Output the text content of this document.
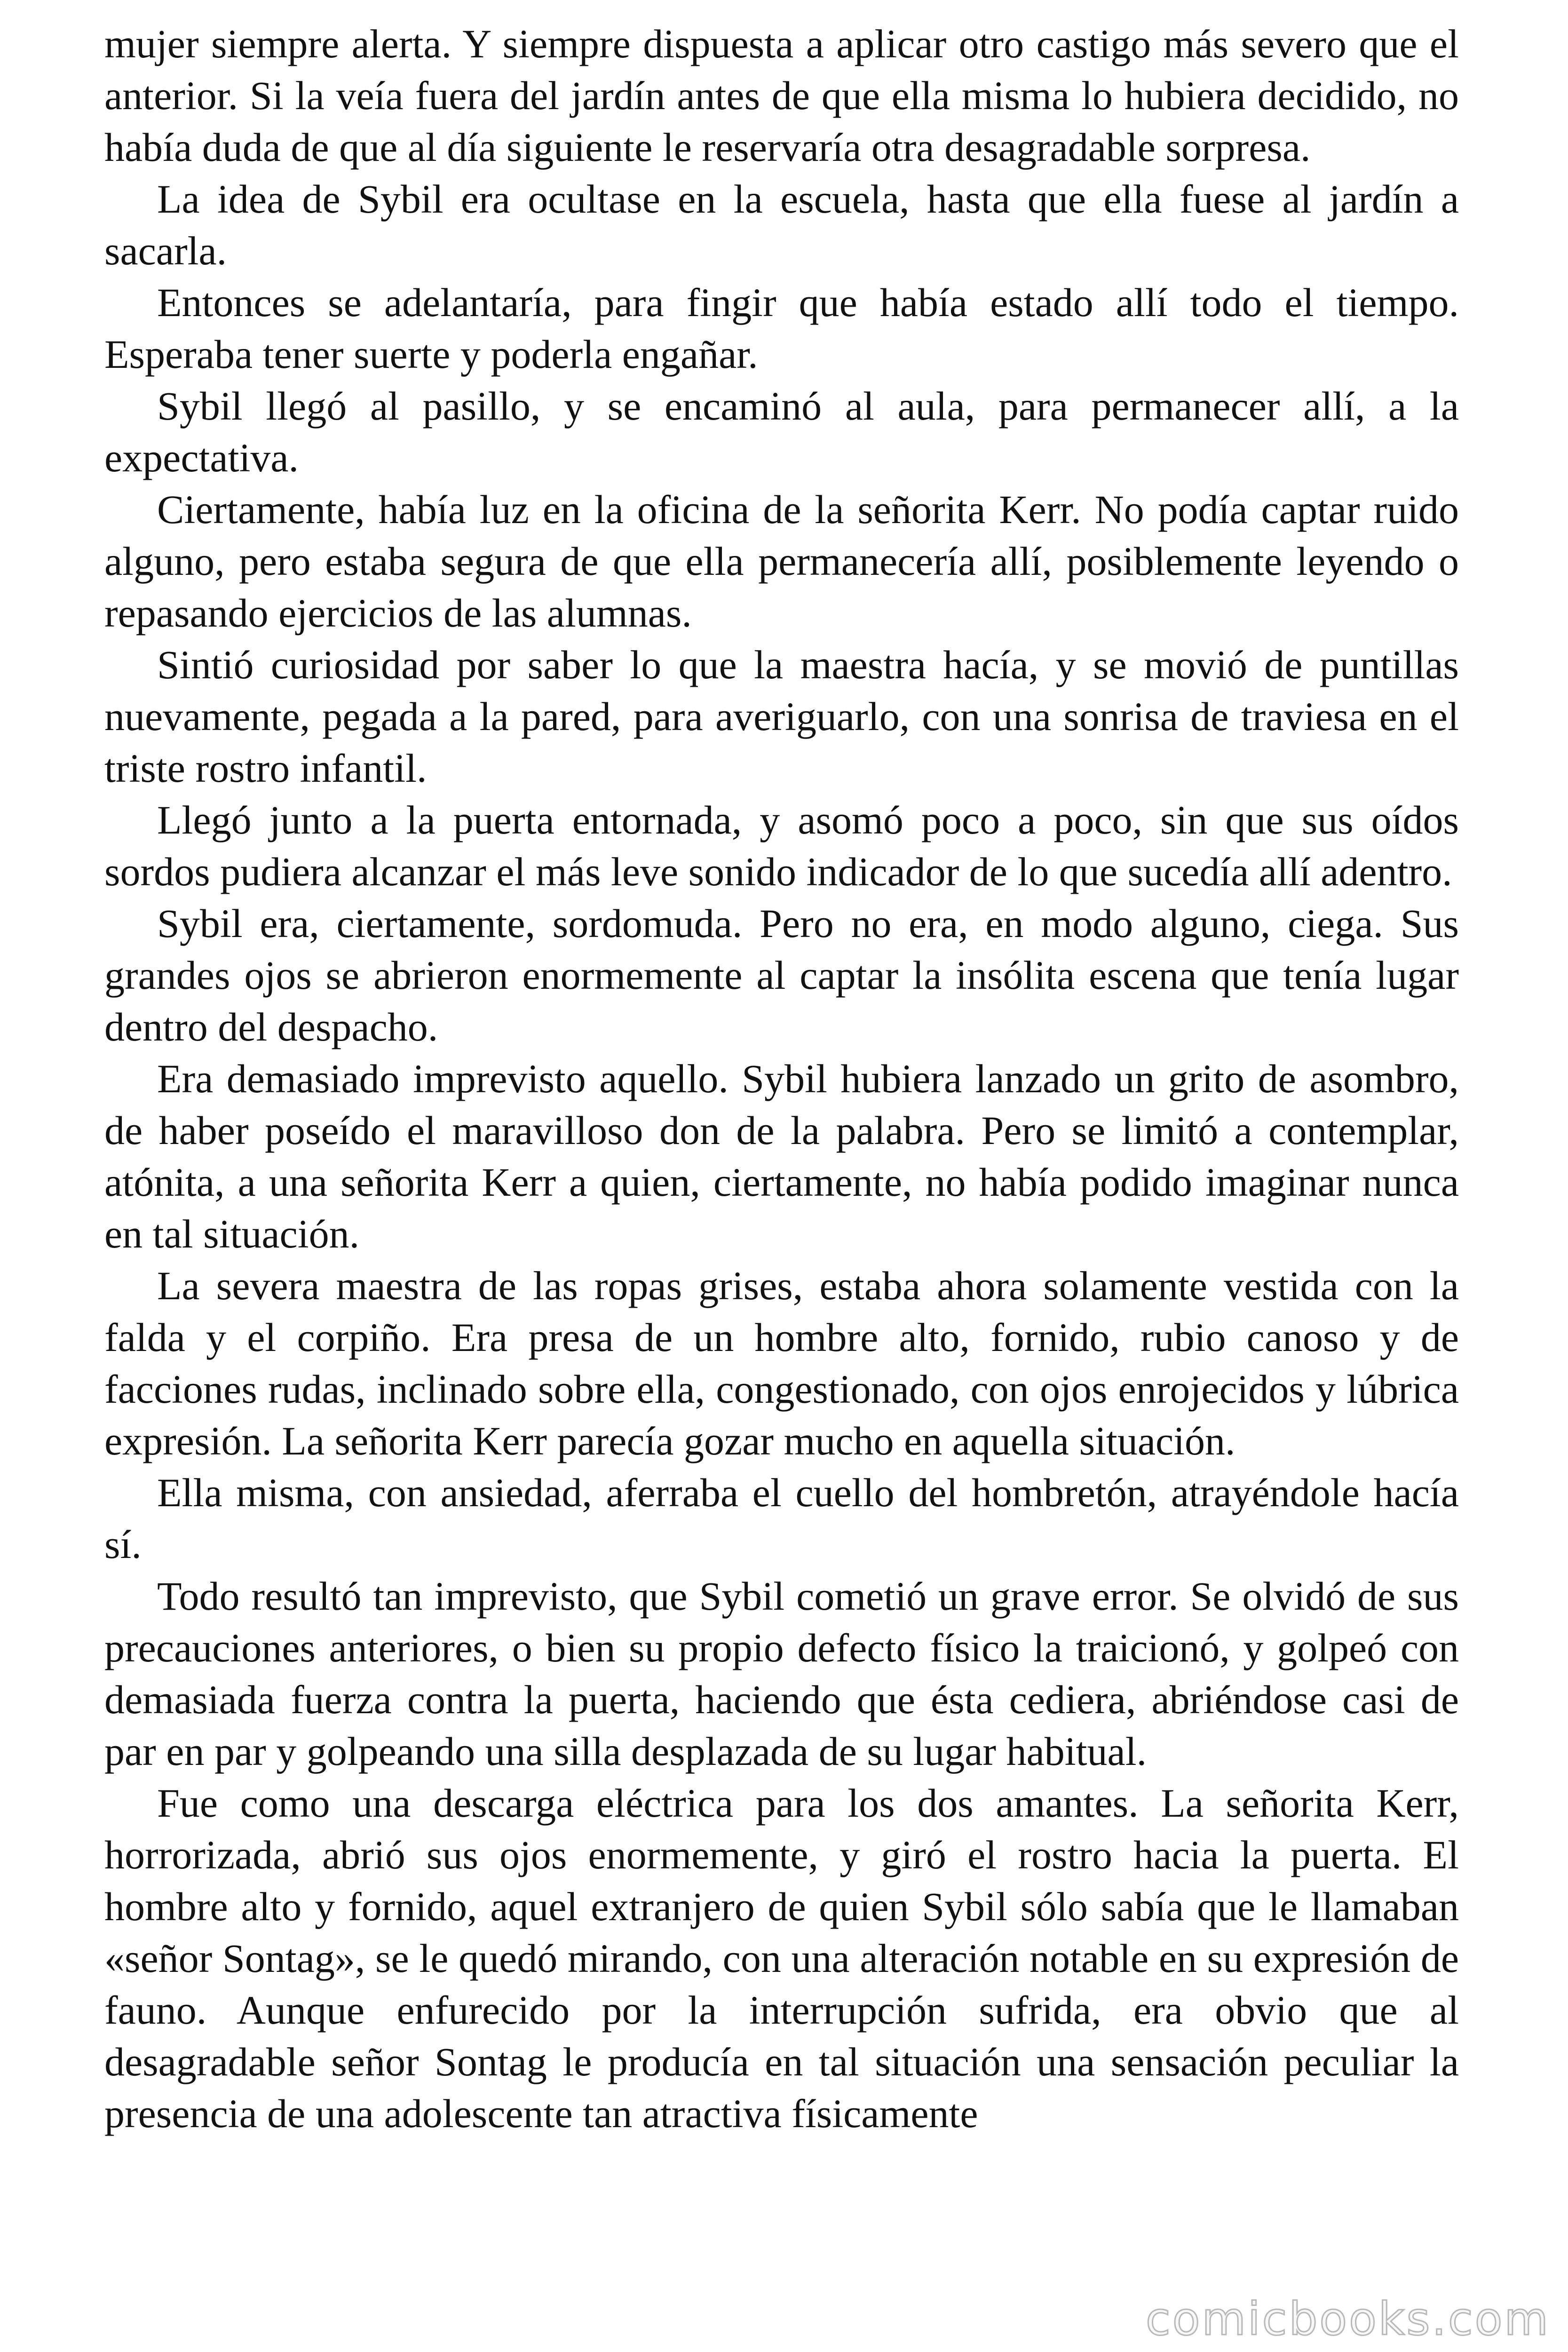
mujer siempre alerta. Y siempre dispuesta a aplicar otro castigo más severo que el anterior. Si la veía fuera del jardín antes de que ella misma lo hubiera decidido, no había duda de que al día siguiente le reservaría otra desagradable sorpresa.

La idea de Sybil era ocultase en la escuela, hasta que ella fuese al jardín a sacarla.

Entonces se adelantaría, para fingir que había estado allí todo el tiempo. Esperaba tener suerte y poderla engañar.

Sybil llegó al pasillo, y se encaminó al aula, para permanecer allí, a la expectativa.

Ciertamente, había luz en la oficina de la señorita Kerr. No podía captar ruido alguno, pero estaba segura de que ella permanecería allí, posiblemente leyendo o repasando ejercicios de las alumnas.

Sintió curiosidad por saber lo que la maestra hacía, y se movió de puntillas nuevamente, pegada a la pared, para averiguarlo, con una sonrisa de traviesa en el triste rostro infantil.

Llegó junto a la puerta entornada, y asomó poco a poco, sin que sus oídos sordos pudiera alcanzar el más leve sonido indicador de lo que sucedía allí adentro.

Sybil era, ciertamente, sordomuda. Pero no era, en modo alguno, ciega. Sus grandes ojos se abrieron enormemente al captar la insólita escena que tenía lugar dentro del despacho.

Era demasiado imprevisto aquello. Sybil hubiera lanzado un grito de asombro, de haber poseído el maravilloso don de la palabra. Pero se limitó a contemplar, atónita, a una señorita Kerr a quien, ciertamente, no había podido imaginar nunca en tal situación.

La severa maestra de las ropas grises, estaba ahora solamente vestida con la falda y el corpiño. Era presa de un hombre alto, fornido, rubio canoso y de facciones rudas, inclinado sobre ella, congestionado, con ojos enrojecidos y lúbrica expresión. La señorita Kerr parecía gozar mucho en aquella situación.

Ella misma, con ansiedad, aferraba el cuello del hombretón, atrayéndole hacía sí.

Todo resultó tan imprevisto, que Sybil cometió un grave error. Se olvidó de sus precauciones anteriores, o bien su propio defecto físico la traicionó, y golpeó con demasiada fuerza contra la puerta, haciendo que ésta cediera, abriéndose casi de par en par y golpeando una silla desplazada de su lugar habitual.

Fue como una descarga eléctrica para los dos amantes. La señorita Kerr, horrorizada, abrió sus ojos enormemente, y giró el rostro hacia la puerta. El hombre alto y fornido, aquel extranjero de quien Sybil sólo sabía que le llamaban «señor Sontag», se le quedó mirando, con una alteración notable en su expresión de fauno. Aunque enfurecido por la interrupción sufrida, era obvio que al desagradable señor Sontag le producía en tal situación una sensación peculiar la presencia de una adolescente tan atractiva físicamente

comicbooks.com
